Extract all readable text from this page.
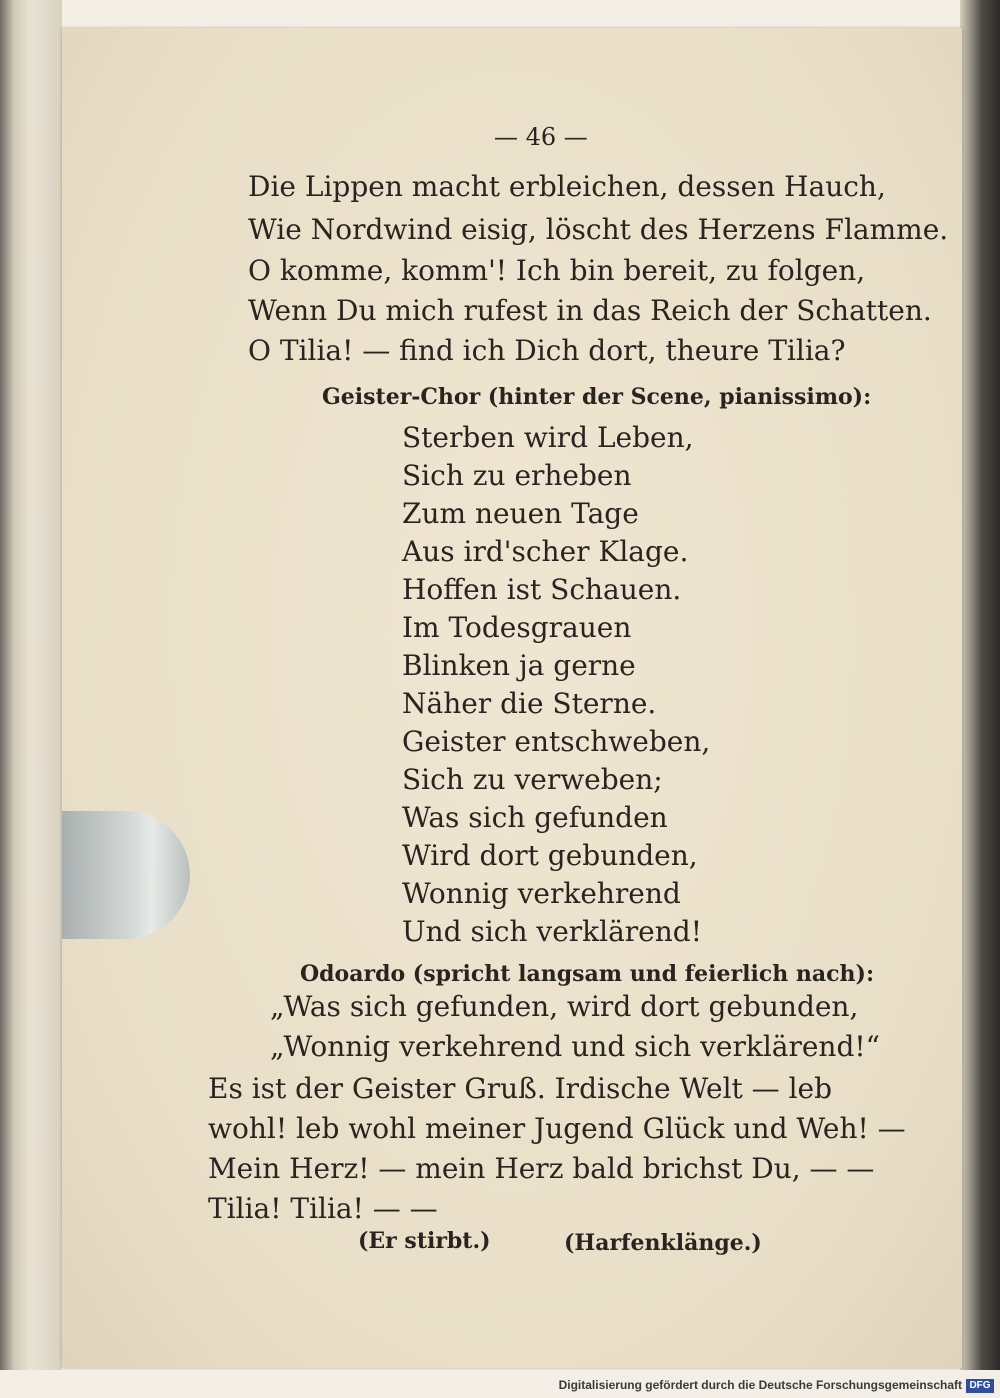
— 46 —
Die Lippen macht erbleichen, dessen Hauch,
Wie Nordwind eisig, löscht des Herzens Flamme.
O komme, komm'! Ich bin bereit, zu folgen,
Wenn Du mich rufest in das Reich der Schatten.
O Tilia! — find ich Dich dort, theure Tilia?
Geister-Chor (hinter der Scene, pianissimo):
Sterben wird Leben,
Sich zu erheben
Zum neuen Tage
Aus ird'scher Klage.
Hoffen ist Schauen.
Im Todesgrauen
Blinken ja gerne
Näher die Sterne.
Geister entschweben,
Sich zu verweben;
Was sich gefunden
Wird dort gebunden,
Wonnig verkehrend
Und sich verklärend!
Odoardo (spricht langsam und feierlich nach):
„Was sich gefunden, wird dort gebunden,
„Wonnig verkehrend und sich verklärend!“
Es ist der Geister Gruß. Irdische Welt — leb
wohl! leb wohl meiner Jugend Glück und Weh! —
Mein Herz! — mein Herz bald brichst Du, — —
Tilia! Tilia! — —
(Er stirbt.)	(Harfenklänge.)
Digitalisierung gefördert durch die Deutsche Forschungsgemeinschaft DFG
